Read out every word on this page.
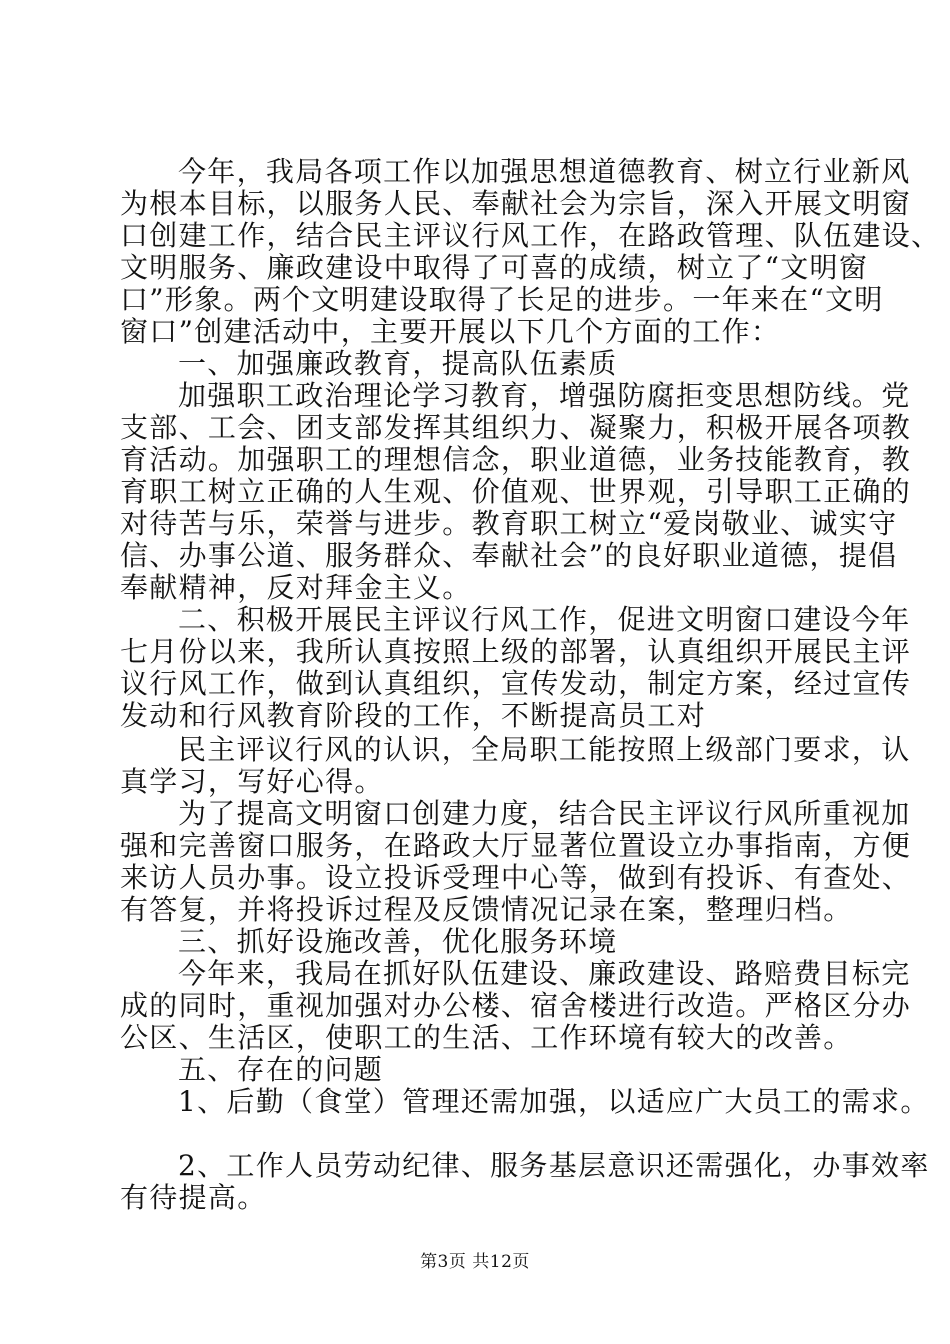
今年，我局各项工作以加强思想道德教育、树立行业新风
为根本目标，以服务人民、奉献社会为宗旨，深入开展文明窗
口创建工作，结合民主评议行风工作，在路政管理、队伍建设、
文明服务、廉政建设中取得了可喜的成绩，树立了“文明窗
口”形象。两个文明建设取得了长足的进步。一年来在“文明
窗口”创建活动中，主要开展以下几个方面的工作：
一、加强廉政教育，提高队伍素质
加强职工政治理论学习教育，增强防腐拒变思想防线。党
支部、工会、团支部发挥其组织力、凝聚力，积极开展各项教
育活动。加强职工的理想信念，职业道德，业务技能教育，教
育职工树立正确的人生观、价值观、世界观，引导职工正确的
对待苦与乐，荣誉与进步。教育职工树立“爱岗敬业、诚实守
信、办事公道、服务群众、奉献社会”的良好职业道德，提倡
奉献精神，反对拜金主义。
二、积极开展民主评议行风工作，促进文明窗口建设今年
七月份以来，我所认真按照上级的部署，认真组织开展民主评
议行风工作，做到认真组织，宣传发动，制定方案，经过宣传
发动和行风教育阶段的工作，不断提高员工对
民主评议行风的认识，全局职工能按照上级部门要求，认
真学习，写好心得。
为了提高文明窗口创建力度，结合民主评议行风所重视加
强和完善窗口服务，在路政大厅显著位置设立办事指南，方便
来访人员办事。设立投诉受理中心等，做到有投诉、有查处、
有答复，并将投诉过程及反馈情况记录在案，整理归档。
三、抓好设施改善，优化服务环境
今年来，我局在抓好队伍建设、廉政建设、路赔费目标完
成的同时，重视加强对办公楼、宿舍楼进行改造。严格区分办
公区、生活区，使职工的生活、工作环境有较大的改善。
五、存在的问题
1、后勤（食堂）管理还需加强，以适应广大员工的需求。
2、工作人员劳动纪律、服务基层意识还需强化，办事效率
有待提高。
第3页 共12页
